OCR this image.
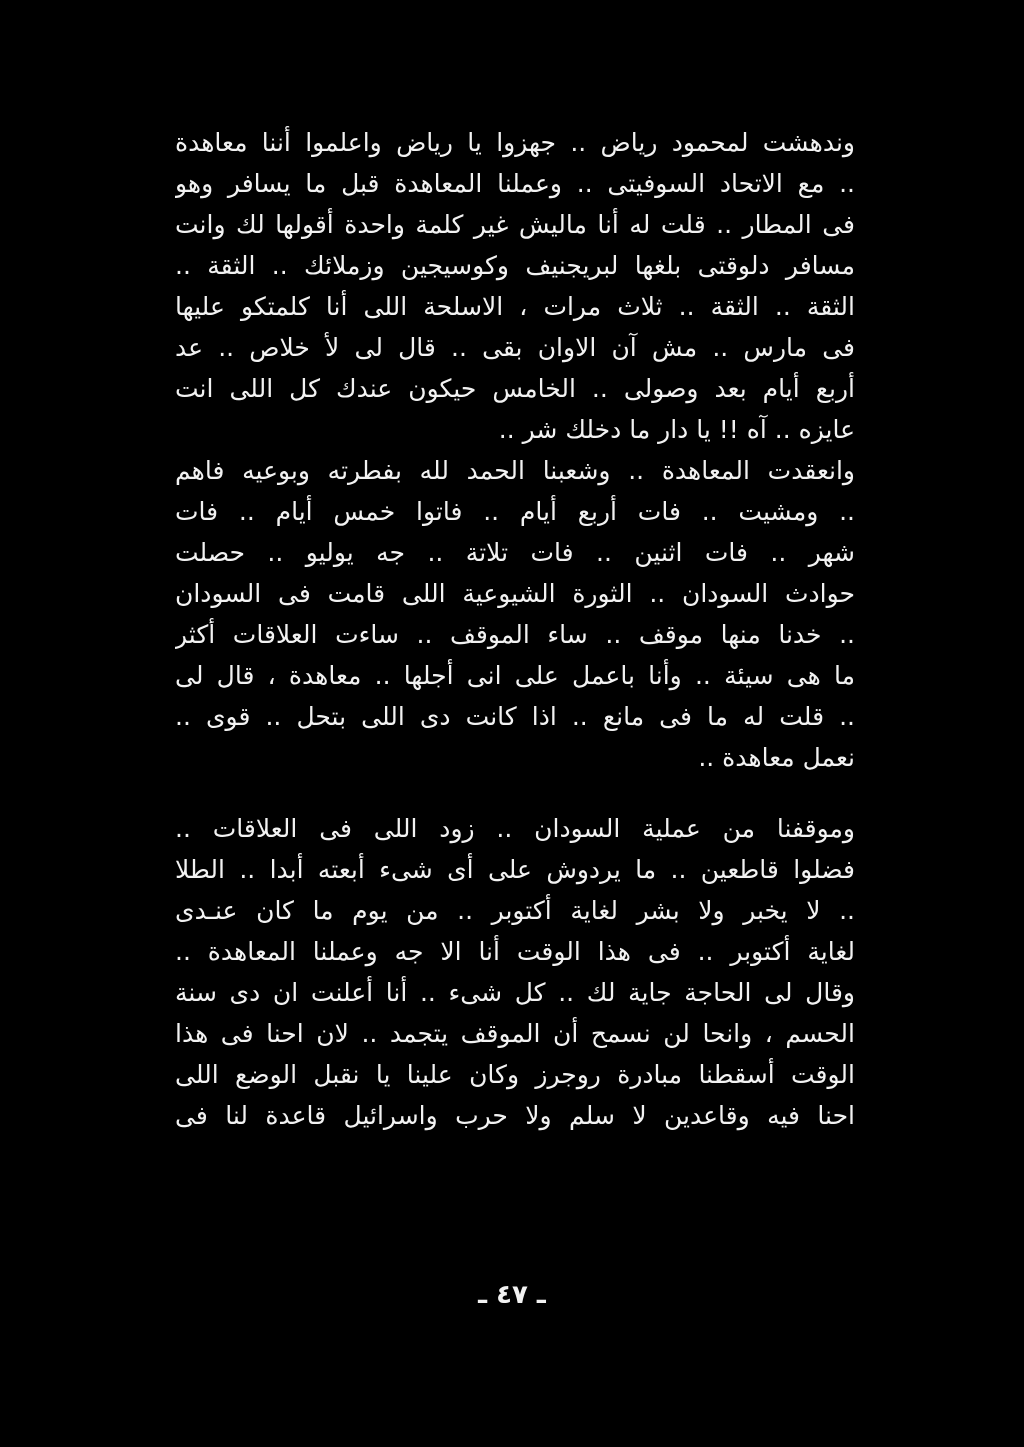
وندهشت لمحمود رياض .. جهزوا يا رياض واعلموا أننا معاهدة
.. مع الاتحاد السوفيتى .. وعملنا المعاهدة قبل ما يسافر وهو
فى المطار .. قلت له أنا ماليش غير كلمة واحدة أقولها لك وانت
مسافر دلوقتى بلغها لبريجنيف وكوسيجين وزملائك .. الثقة ..
الثقة .. الثقة .. ثلاث مرات ، الاسلحة اللى أنا كلمتكو عليها
فى مارس .. مش آن الاوان بقى .. قال لى لأ خلاص .. عد
أربع أيام بعد وصولى .. الخامس حيكون عندك كل اللى انت
عايزه .. آه !! يا دار ما دخلك شر ..
وانعقدت المعاهدة .. وشعبنا الحمد لله بفطرته وبوعيه فاهم
.. ومشيت .. فات أربع أيام .. فاتوا خمس أيام .. فات
شهر .. فات اثنين .. فات تلاتة .. جه يوليو .. حصلت
حوادث السودان .. الثورة الشيوعية اللى قامت فى السودان
.. خدنا منها موقف .. ساء الموقف .. ساءت العلاقات أكثر
ما هى سيئة .. وأنا باعمل على انى أجلها .. معاهدة ، قال لى
.. قلت له ما فى مانع .. اذا كانت دى اللى بتحل .. قوى ..
نعمل معاهدة ..
وموقفنا من عملية السودان .. زود اللى فى العلاقات ..
فضلوا قاطعين .. ما يردوش على أى شىء أبعته أبدا .. الطلا
.. لا يخبر ولا بشر لغاية أكتوبر .. من يوم ما كان عنـدى
لغاية أكتوبر .. فى هذا الوقت أنا الا جه وعملنا المعاهدة ..
وقال لى الحاجة جاية لك .. كل شىء .. أنا أعلنت ان دى سنة
الحسم ، وانحا لن نسمح أن الموقف يتجمد .. لان احنا فى هذا
الوقت أسقطنا مبادرة روجرز وكان علينا يا نقبل الوضع اللى
احنا فيه وقاعدين لا سلم ولا حرب واسرائيل قاعدة لنا فى
ـ ٤٧ ـ
